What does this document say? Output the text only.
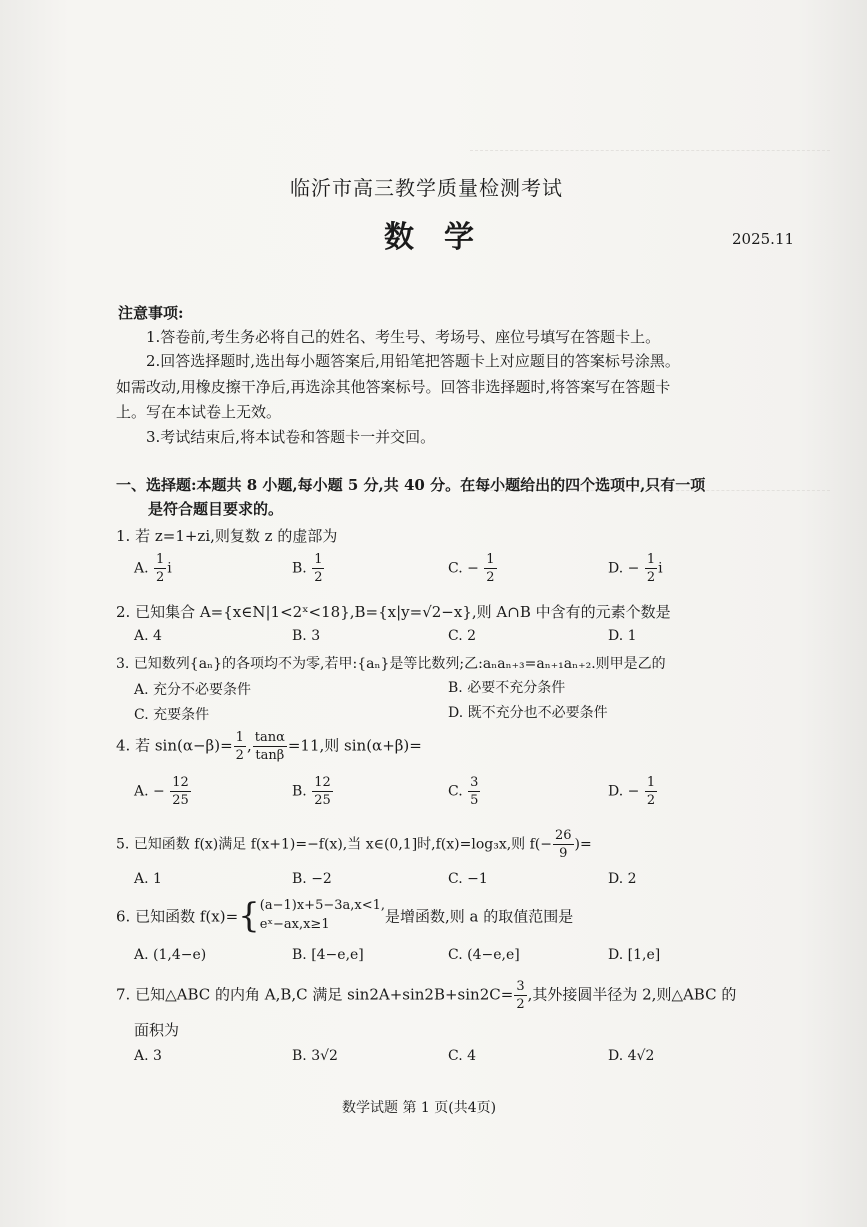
临沂市高三教学质量检测考试
数学	2025.11
注意事项:
1.答卷前,考生务必将自己的姓名、考生号、考场号、座位号填写在答题卡上。
2.回答选择题时,选出每小题答案后,用铅笔把答题卡上对应题目的答案标号涂黑。
如需改动,用橡皮擦干净后,再选涂其他答案标号。回答非选择题时,将答案写在答题卡
上。写在本试卷上无效。
3.考试结束后,将本试卷和答题卡一并交回。
一、选择题:本题共 8 小题,每小题 5 分,共 40 分。在每小题给出的四个选项中,只有一项
是符合题目要求的。
1. 若 z=1+zi,则复数 z 的虚部为
A. $\frac{1}{2}$ i	B. $\frac{1}{2}$	C. − $\frac{1}{2}$	D. − $\frac{1}{2}$ i
2. 已知集合 A={x∈N|1<2ˣ<18},B={x|y=√2−x},则 A∩B 中含有的元素个数是
A. 4	B. 3	C. 2	D. 1
3. 已知数列{aₙ}的各项均不为零,若甲:{aₙ}是等比数列;乙:aₙaₙ₊₃=aₙ₊₁aₙ₊₂.则甲是乙的
A. 充分不必要条件	B. 必要不充分条件
C. 充要条件	D. 既不充分也不必要条件
4. 若 $\sin(\alpha-\beta)= \frac{1}{2}$ , $\frac{\tan\alpha}{\tan\beta} =11$,则 sin(α+β)=
A. − $\frac{12}{25}$	B. $\frac{12}{25}$	C. $\frac{3}{5}$	D. − $\frac{1}{2}$
5. 已知函数 f(x)满足 f(x+1)=−f(x),当 x∈(0,1]时,f(x)=log₃x,则 $f(- \frac{26}{9}$ )=
A. 1	B. −2	C. −1	D. 2
6. 已知函数 f(x)={ (a−1)x+5−3a,x<1,
eˣ−ax,x≥1	是增函数,则 a 的取值范围是
A. (1,4−e)	B. [4−e,e]	C. (4−e,e]	D. [1,e]
7. 已知△ABC 的内角 A,B,C 满足 $\sin 2A+\sin 2B+\sin 2C= \frac{3}{2}$ ,其外接圆半径为 2,则△ABC 的
面积为
A. 3	B. 3√2	C. 4	D. 4√2
数学试题 第 1 页(共4页)
